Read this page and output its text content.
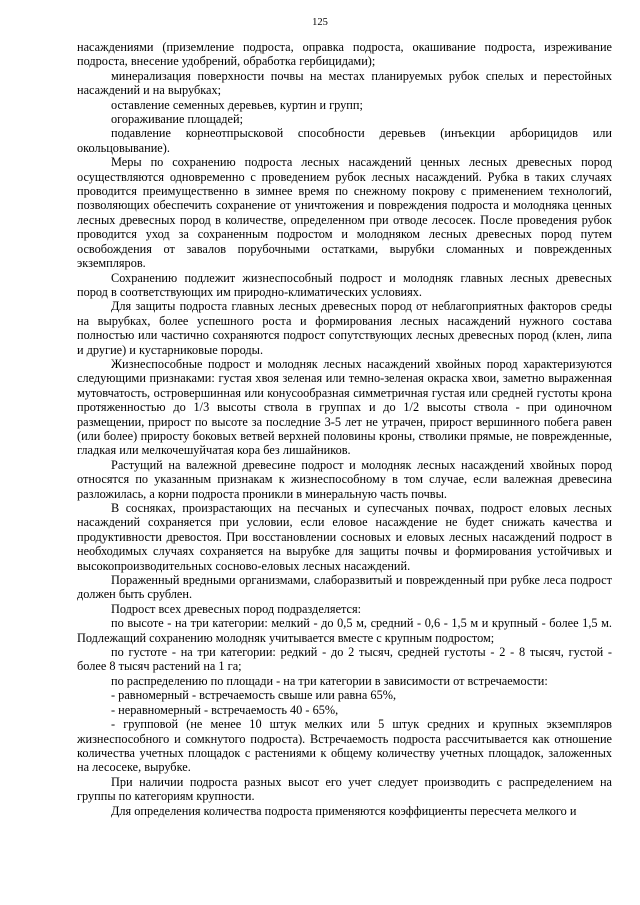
125

насаждениями (приземление подроста, оправка подроста, окашивание подроста, изреживание подроста, внесение удобрений, обработка гербицидами);

минерализация поверхности почвы на местах планируемых рубок спелых и перестойных насаждений и на вырубках;

оставление семенных деревьев, куртин и групп;

огораживание площадей;

подавление корнеотпрысковой способности деревьев (инъекции арборицидов или окольцовывание).

Меры по сохранению подроста лесных насаждений ценных лесных древесных пород осуществляются одновременно с проведением рубок лесных насаждений. Рубка в таких случаях проводится преимущественно в зимнее время по снежному покрову с применением технологий, позволяющих обеспечить сохранение от уничтожения и повреждения подроста и молодняка ценных лесных древесных пород в количестве, определенном при отводе лесосек. После проведения рубок проводится уход за сохраненным подростом и молодняком лесных древесных пород путем освобождения от завалов порубочными остатками, вырубки сломанных и поврежденных экземпляров.

Сохранению подлежит жизнеспособный подрост и молодняк главных лесных древесных пород в соответствующих им природно-климатических условиях.

Для защиты подроста главных лесных древесных пород от неблагоприятных факторов среды на вырубках, более успешного роста и формирования лесных насаждений нужного состава полностью или частично сохраняются подрост сопутствующих лесных древесных пород (клен, липа и другие) и кустарниковые породы.

Жизнеспособные подрост и молодняк лесных насаждений хвойных пород характеризуются следующими признаками: густая хвоя зеленая или темно-зеленая окраска хвои, заметно выраженная мутовчатость, островершинная или конусообразная симметричная густая или средней густоты крона протяженностью до 1/3 высоты ствола в группах и до 1/2 высоты ствола - при одиночном размещении, прирост по высоте за последние 3-5 лет не утрачен, прирост вершинного побега равен (или более) приросту боковых ветвей верхней половины кроны, стволики прямые, не поврежденные, гладкая или мелкочешуйчатая кора без лишайников.

Растущий на валежной древесине подрост и молодняк лесных насаждений хвойных пород относятся по указанным признакам к жизнеспособному в том случае, если валежная древесина разложилась, а корни подроста проникли в минеральную часть почвы.

В сосняках, произрастающих на песчаных и супесчаных почвах, подрост еловых лесных насаждений сохраняется при условии, если еловое насаждение не будет снижать качества и продуктивности древостоя. При восстановлении сосновых и еловых лесных насаждений подрост в необходимых случаях сохраняется на вырубке для защиты почвы и формирования устойчивых и высокопроизводительных сосново-еловых лесных насаждений.

Пораженный вредными организмами, слаборазвитый и поврежденный при рубке леса подрост должен быть срублен.

Подрост всех древесных пород подразделяется:

по высоте - на три категории: мелкий - до 0,5 м, средний - 0,6 - 1,5 м и крупный - более 1,5 м. Подлежащий сохранению молодняк учитывается вместе с крупным подростом;

по густоте - на три категории: редкий - до 2 тысяч, средней густоты - 2 - 8 тысяч, густой - более 8 тысяч растений на 1 га;

по распределению по площади - на три категории в зависимости от встречаемости:

- равномерный - встречаемость свыше или равна 65%,

- неравномерный - встречаемость 40 - 65%,

- групповой (не менее 10 штук мелких или 5 штук средних и крупных экземпляров жизнеспособного и сомкнутого подроста). Встречаемость подроста рассчитывается как отношение количества учетных площадок с растениями к общему количеству учетных площадок, заложенных на лесосеке, вырубке.

При наличии подроста разных высот его учет следует производить с распределением на группы по категориям крупности.

Для определения количества подроста применяются коэффициенты пересчета мелкого и
